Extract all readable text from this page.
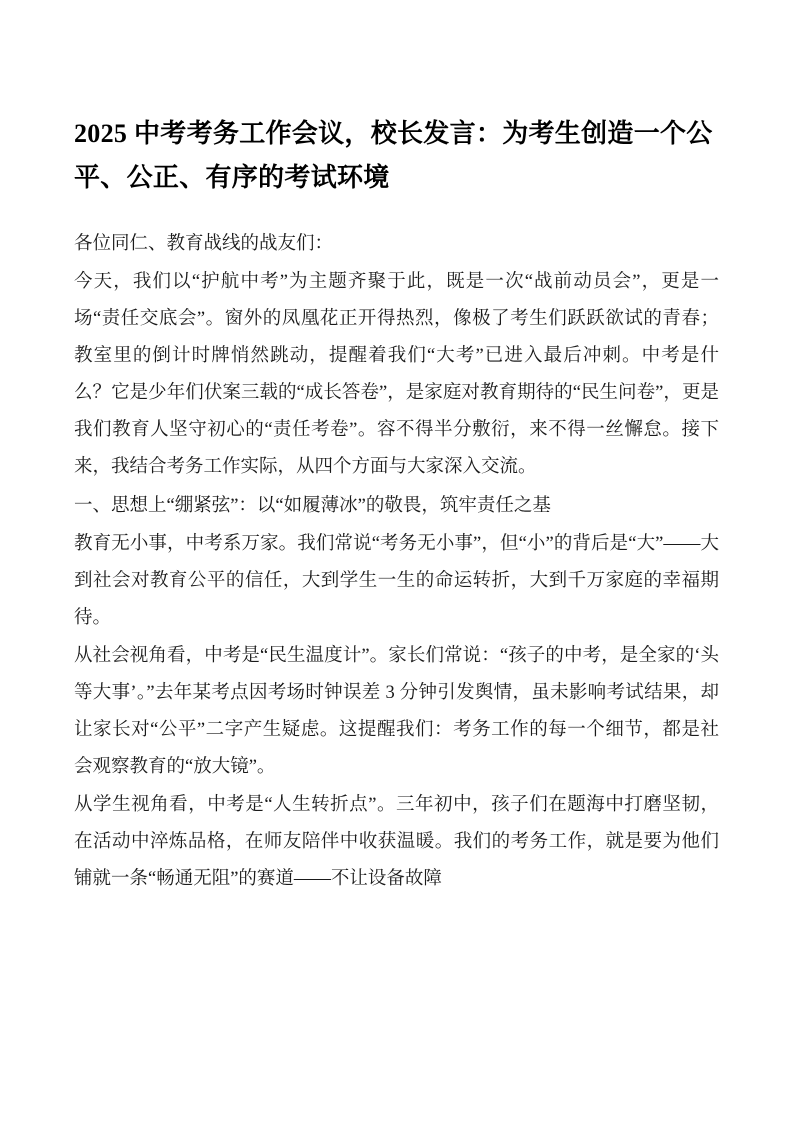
2025 中考考务工作会议，校长发言：为考生创造一个公平、公正、有序的考试环境

各位同仁、教育战线的战友们：

今天，我们以“护航中考”为主题齐聚于此，既是一次“战前动员会”，更是一场“责任交底会”。窗外的凤凰花正开得热烈，像极了考生们跃跃欲试的青春；教室里的倒计时牌悄然跳动，提醒着我们“大考”已进入最后冲刺。中考是什么？它是少年们伏案三载的“成长答卷”，是家庭对教育期待的“民生问卷”，更是我们教育人坚守初心的“责任考卷”。容不得半分敷衍，来不得一丝懈怠。接下来，我结合考务工作实际，从四个方面与大家深入交流。

一、思想上“绷紧弦”：以“如履薄冰”的敬畏，筑牢责任之基

教育无小事，中考系万家。我们常说“考务无小事”，但“小”的背后是“大”——大到社会对教育公平的信任，大到学生一生的命运转折，大到千万家庭的幸福期待。

从社会视角看，中考是“民生温度计”。家长们常说：“孩子的中考，是全家的‘头等大事’。”去年某考点因考场时钟误差 3 分钟引发舆情，虽未影响考试结果，却让家长对“公平”二字产生疑虑。这提醒我们：考务工作的每一个细节，都是社会观察教育的“放大镜”。

从学生视角看，中考是“人生转折点”。三年初中，孩子们在题海中打磨坚韧，在活动中淬炼品格，在师友陪伴中收获温暖。我们的考务工作，就是要为他们铺就一条“畅通无阻”的赛道——不让设备故障
